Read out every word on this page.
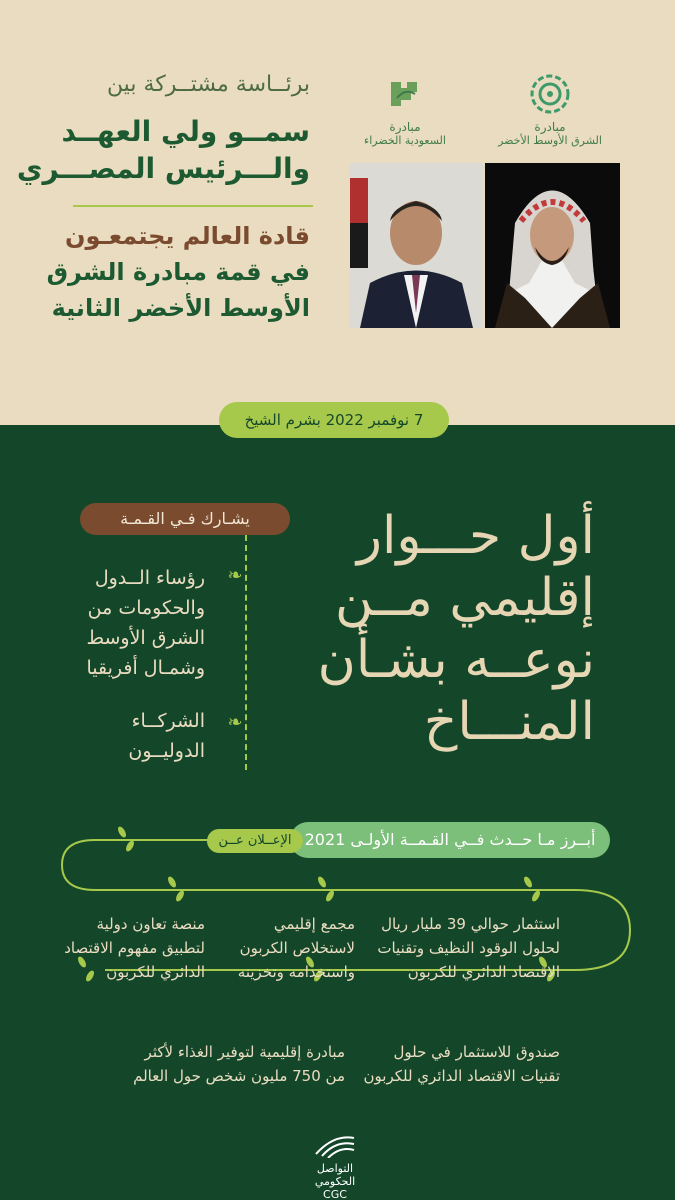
برئــاسة مشتــركة بين
سمــو ولي العهــد
والـــرئيس المصـــري
قادة العالم يجتمعـون
في قمة مبادرة الشرق
الأوسط الأخضر الثانية
مبادرة
الشرق الأوسط الأخضر
مبادرة
السعودية الخضراء
7 نوفمبر 2022 بشرم الشيخ
يشـارك فـي القـمـة
❧
❧
رؤساء الــدول
والحكومات من
الشرق الأوسط
وشمـال أفريقيا
الشركــاء
الدوليــون
أول حـــوار
إقليمي مــن
نوعــه بشـأن
المنـــاخ
أبــرز مـا حــدث فــي القـمــة الأولـى 2021
الإعــلان عــن
استثمار حوالي 39 مليار ريال
لحلول الوقود النظيف وتقنيات
الاقتصاد الدائري للكربون
مجمع إقليمي
لاستخلاص الكربون
واستخدامه وتخزينه
منصة تعاون دولية
لتطبيق مفهوم الاقتصاد
الدائري للكربون
صندوق للاستثمار في حلول
تقنيات الاقتصاد الدائري للكربون
مبادرة إقليمية لتوفير الغذاء لأكثر
من 750 مليون شخص حول العالم
التواصل
الحكومي
CGC
